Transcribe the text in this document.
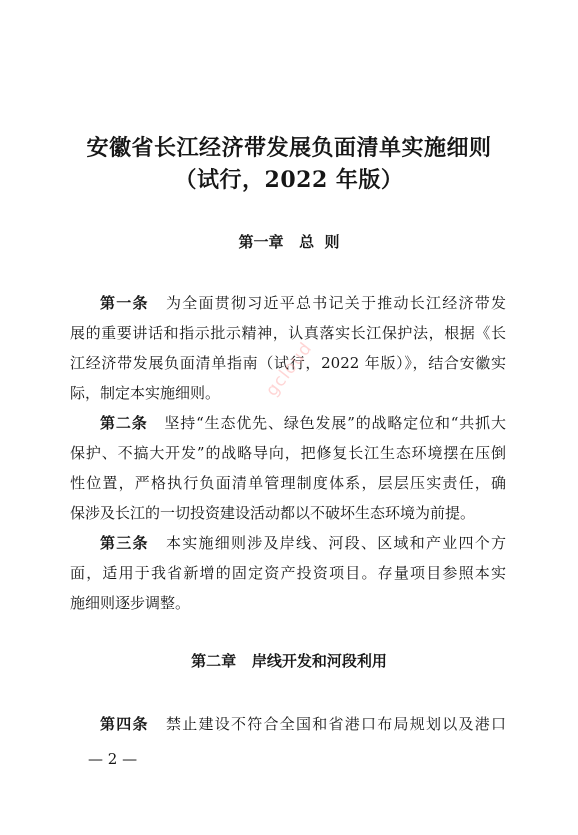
安徽省长江经济带发展负面清单实施细则
（试行，2022 年版）
第一章   总  则
第一条 为全面贯彻习近平总书记关于推动长江经济带发
展的重要讲话和指示批示精神，认真落实长江保护法，根据《长
江经济带发展负面清单指南（试行，2022 年版）》，结合安徽实
际，制定本实施细则。
第二条 坚持“生态优先、绿色发展”的战略定位和“共抓大
保护、不搞大开发”的战略导向，把修复长江生态环境摆在压倒
性位置，严格执行负面清单管理制度体系，层层压实责任，确
保涉及长江的一切投资建设活动都以不破坏生态环境为前提。
第三条 本实施细则涉及岸线、河段、区域和产业四个方
面，适用于我省新增的固定资产投资项目。存量项目参照本实
施细则逐步调整。
第二章   岸线开发和河段利用
第四条 禁止建设不符合全国和省港口布局规划以及港口
— 2 —
gcloud
